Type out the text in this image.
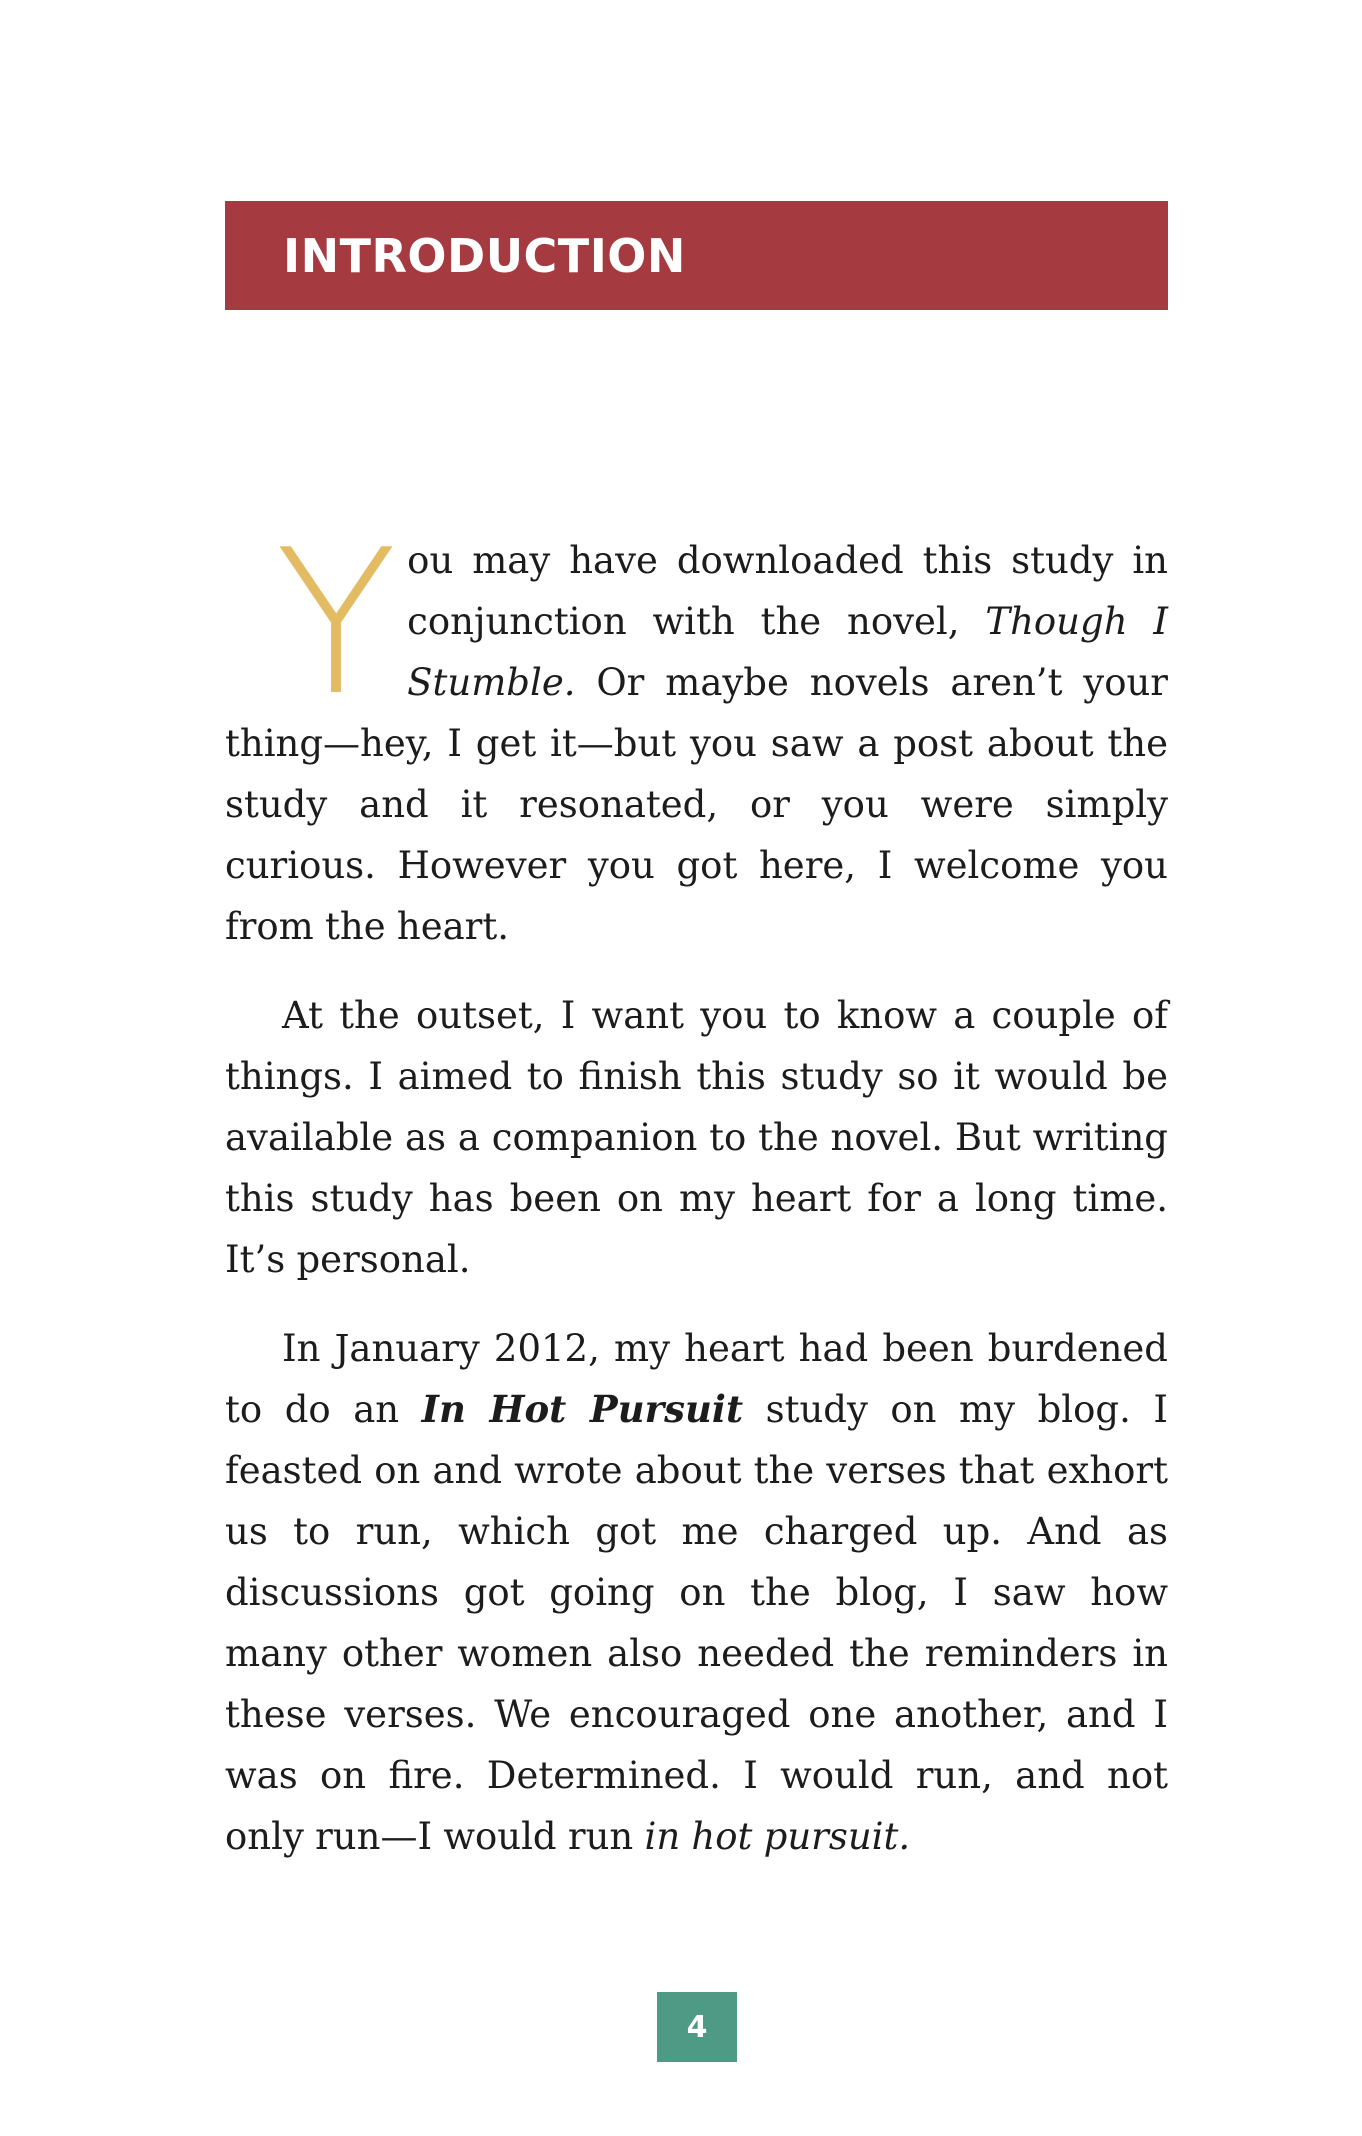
INTRODUCTION

You may have downloaded this study in conjunction with the novel, Though I Stumble. Or maybe novels aren’t your thing—hey, I get it—but you saw a post about the study and it resonated, or you were simply curious. However you got here, I welcome you from the heart.

At the outset, I want you to know a couple of things. I aimed to finish this study so it would be available as a companion to the novel. But writing this study has been on my heart for a long time. It’s personal.

In January 2012, my heart had been burdened to do an In Hot Pursuit study on my blog. I feasted on and wrote about the verses that exhort us to run, which got me charged up. And as discussions got going on the blog, I saw how many other women also needed the reminders in these verses. We encouraged one another, and I was on fire. Determined. I would run, and not only run—I would run in hot pursuit.

4
